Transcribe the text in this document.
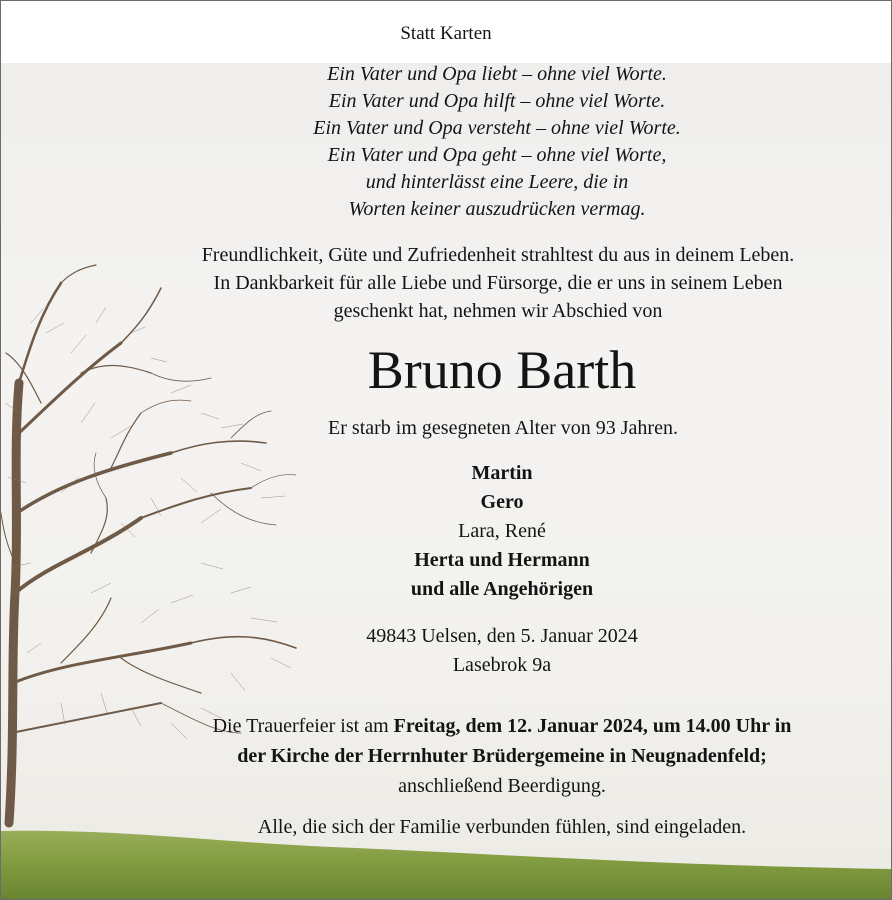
Statt Karten
Ein Vater und Opa liebt – ohne viel Worte.
Ein Vater und Opa hilft – ohne viel Worte.
Ein Vater und Opa versteht – ohne viel Worte.
Ein Vater und Opa geht – ohne viel Worte,
und hinterlässt eine Leere, die in
Worten keiner auszudrücken vermag.
Freundlichkeit, Güte und Zufriedenheit strahltest du aus in deinem Leben.
In Dankbarkeit für alle Liebe und Fürsorge, die er uns in seinem Leben
geschenkt hat, nehmen wir Abschied von
Bruno Barth
Er starb im gesegneten Alter von 93 Jahren.
Martin
Gero
Lara, René
Herta und Hermann
und alle Angehörigen
49843 Uelsen, den 5. Januar 2024
Lasebrok 9a
Die Trauerfeier ist am Freitag, dem 12. Januar 2024, um 14.00 Uhr in
der Kirche der Herrnhuter Brüdergemeine in Neugnadenfeld;
anschließend Beerdigung.
Alle, die sich der Familie verbunden fühlen, sind eingeladen.
